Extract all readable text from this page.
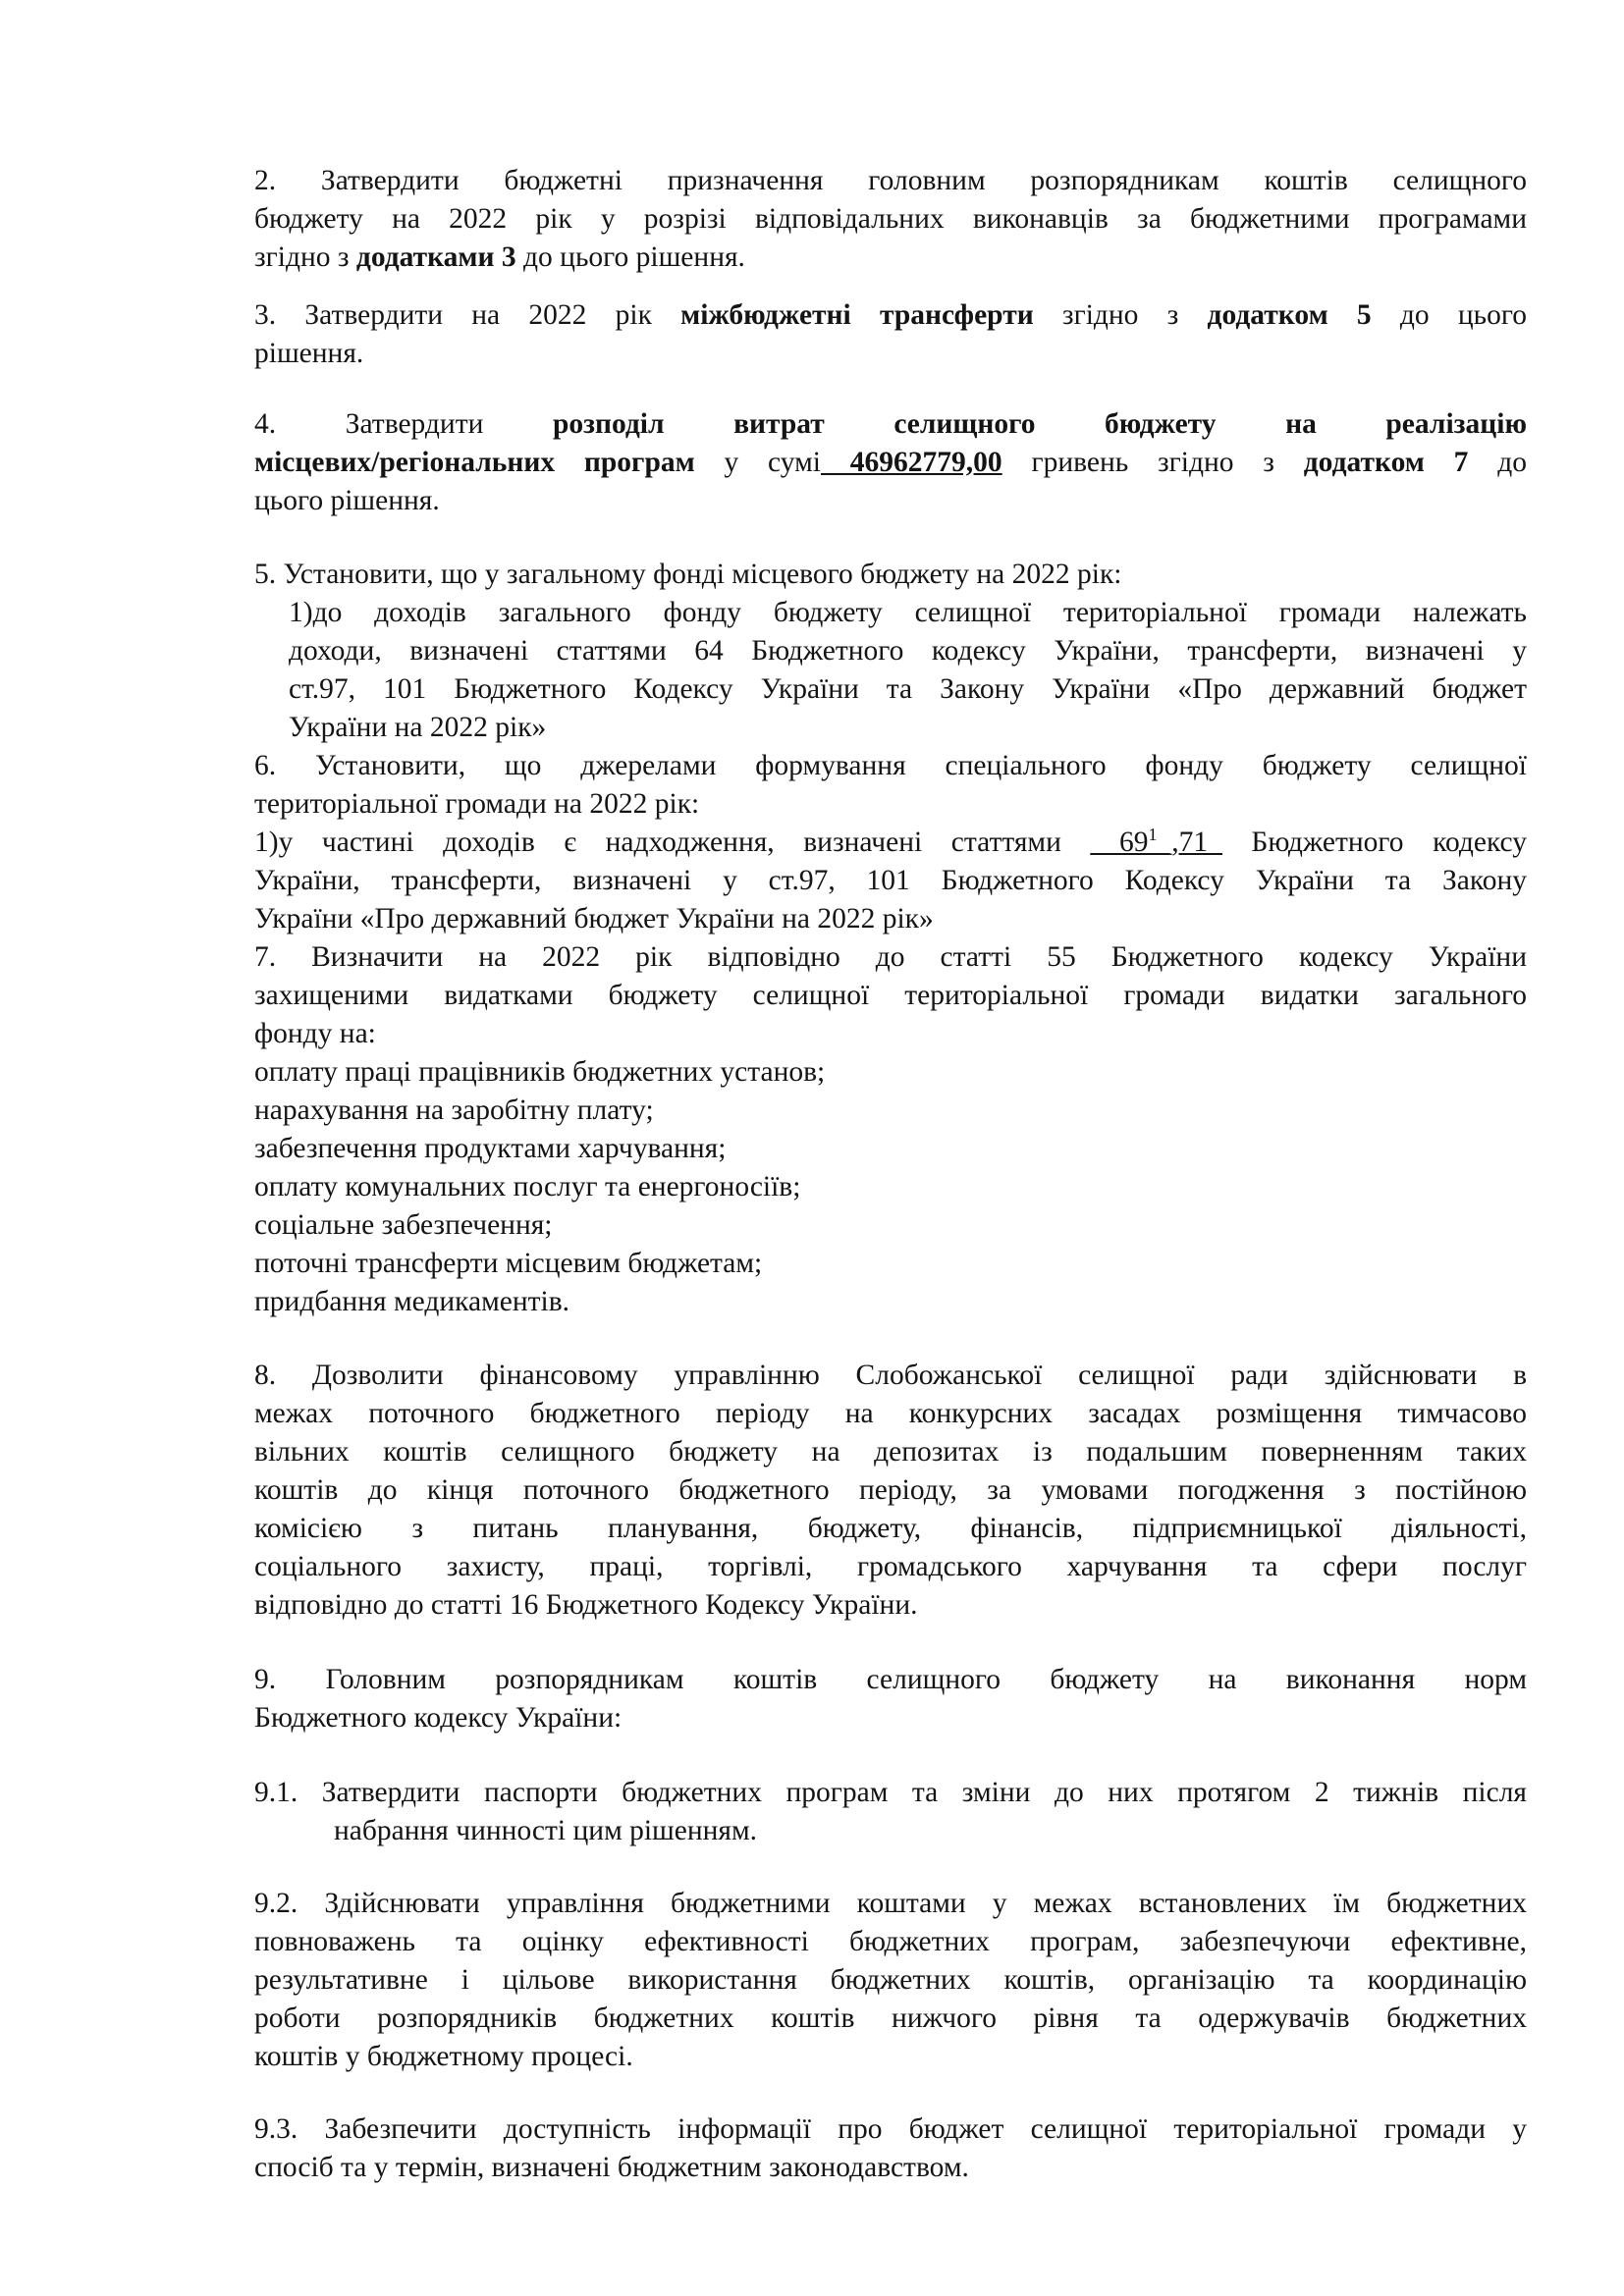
2. Затвердити бюджетні призначення головним розпорядникам коштів селищного
бюджету на 2022 рік у розрізі відповідальних виконавців за бюджетними програмами
згідно з додатками 3 до цього рішення.
3. Затвердити на 2022 рік міжбюджетні трансферти згідно з додатком 5 до цього
рішення.
4. Затвердити розподіл витрат селищного бюджету на реалізацію
місцевих/регіональних програм у сумі 46962779,00 гривень згідно з додатком 7 до
цього рішення.
5. Установити, що у загальному фонді місцевого бюджету на 2022 рік:
1)до доходів загального фонду бюджету селищної територіальної громади належать
доходи, визначені статтями 64 Бюджетного кодексу України, трансферти, визначені у
ст.97, 101 Бюджетного Кодексу України та Закону України «Про державний бюджет
України на 2022 рік»
6. Установити, що джерелами формування спеціального фонду бюджету селищної
територіальної громади на 2022 рік:
1)у частині доходів є надходження, визначені статтями $\_\_69^1\_,71\_$ Бюджетного кодексу
України, трансферти, визначені у ст.97, 101 Бюджетного Кодексу України та Закону
України «Про державний бюджет України на 2022 рік»
7. Визначити на 2022 рік відповідно до статті 55 Бюджетного кодексу України
захищеними видатками бюджету селищної територіальної громади видатки загального
фонду на:
оплату праці працівників бюджетних установ;
нарахування на заробітну плату;
забезпечення продуктами харчування;
оплату комунальних послуг та енергоносіїв;
соціальне забезпечення;
поточні трансферти місцевим бюджетам;
придбання медикаментів.
8. Дозволити фінансовому управлінню Слобожанської селищної ради здійснювати в
межах поточного бюджетного періоду на конкурсних засадах розміщення тимчасово
вільних коштів селищного бюджету на депозитах із подальшим поверненням таких
коштів до кінця поточного бюджетного періоду, за умовами погодження з постійною
комісією з питань планування, бюджету, фінансів, підприємницької діяльності,
соціального захисту, праці, торгівлі, громадського харчування та сфери послуг
відповідно до статті 16 Бюджетного Кодексу України.
9. Головним розпорядникам коштів селищного бюджету на виконання норм
Бюджетного кодексу України:
9.1. Затвердити паспорти бюджетних програм та зміни до них протягом 2 тижнів після
набрання чинності цим рішенням.
9.2. Здійснювати управління бюджетними коштами у межах встановлених їм бюджетних
повноважень та оцінку ефективності бюджетних програм, забезпечуючи ефективне,
результативне і цільове використання бюджетних коштів, організацію та координацію
роботи розпорядників бюджетних коштів нижчого рівня та одержувачів бюджетних
коштів у бюджетному процесі.
9.3. Забезпечити доступність інформації про бюджет селищної територіальної громади у
спосіб та у термін, визначені бюджетним законодавством.
